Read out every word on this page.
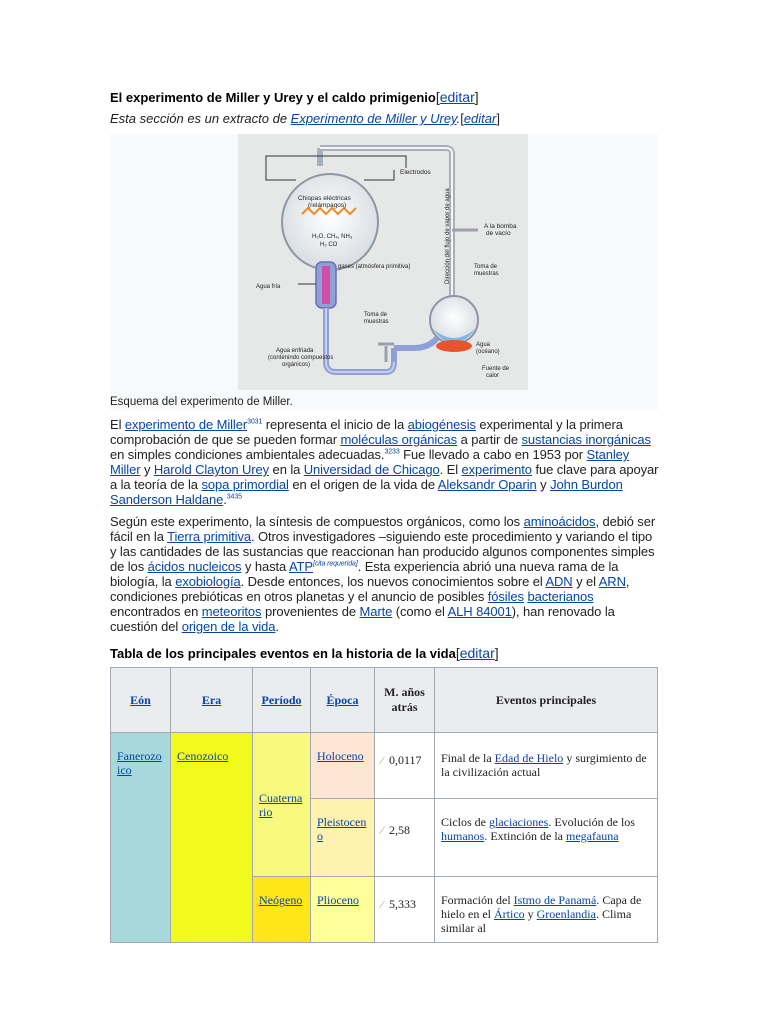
El experimento de Miller y Urey y el caldo primigenio[editar]
Esta sección es un extracto de Experimento de Miller y Urey.[editar]
Chispas eléctricas
(relámpagos)
H₂O, CH₄, NH₃
H₂ CO
Electrodos
gases (atmósfera primitiva)	Dirección del flujo de vapor de agua
Agua fría
Toma de
muestras
Agua enfriada
(contenindo compuestos
orgánicos)
Agua
(océano)
Fuente de
calor
Toma de
muestras
A la bomba
de vacío
Esquema del experimento de Miller.

El experimento de Miller$^{3031}$ representa el inicio de la abiogénesis experimental y la primera comprobación de que se pueden formar moléculas orgánicas a partir de sustancias inorgánicas en simples condiciones ambientales adecuadas.$^{3233}$ Fue llevado a cabo en 1953 por Stanley Miller y Harold Clayton Urey en la Universidad de Chicago. El experimento fue clave para apoyar a la teoría de la sopa primordial en el origen de la vida de Aleksandr Oparin y John Burdon Sanderson Haldane.$^{3435}$

Según este experimento, la síntesis de compuestos orgánicos, como los aminoácidos, debió ser fácil en la Tierra primitiva. Otros investigadores –siguiendo este procedimiento y variando el tipo y las cantidades de las sustancias que reaccionan han producido algunos componentes simples de los ácidos nucleicos y hasta ATP[cita requerida]. Esta experiencia abrió una nueva rama de la biología, la exobiología. Desde entonces, los nuevos conocimientos sobre el ADN y el ARN, condiciones prebióticas en otros planetas y el anuncio de posibles fósiles bacterianos encontrados en meteoritos provenientes de Marte (como el ALH 84001), han renovado la cuestión del origen de la vida.

Tabla de los principales eventos en la historia de la vida[editar]
Eón	Era	Período	Época	M. años
atrás	Eventos principales

Fanerozoico	Cenozoico	Cuaternario	Holoceno	∕ 0,0117	Final de la Edad de Hielo y surgimiento de la civilización actual

			Pleistoceno	∕ 2,58	Ciclos de glaciaciones. Evolución de los humanos. Extinción de la megafauna

		Neógeno	Plioceno	∕ 5,333	Formación del Istmo de Panamá. Capa de hielo en el Ártico y Groenlandia. Clima similar al
